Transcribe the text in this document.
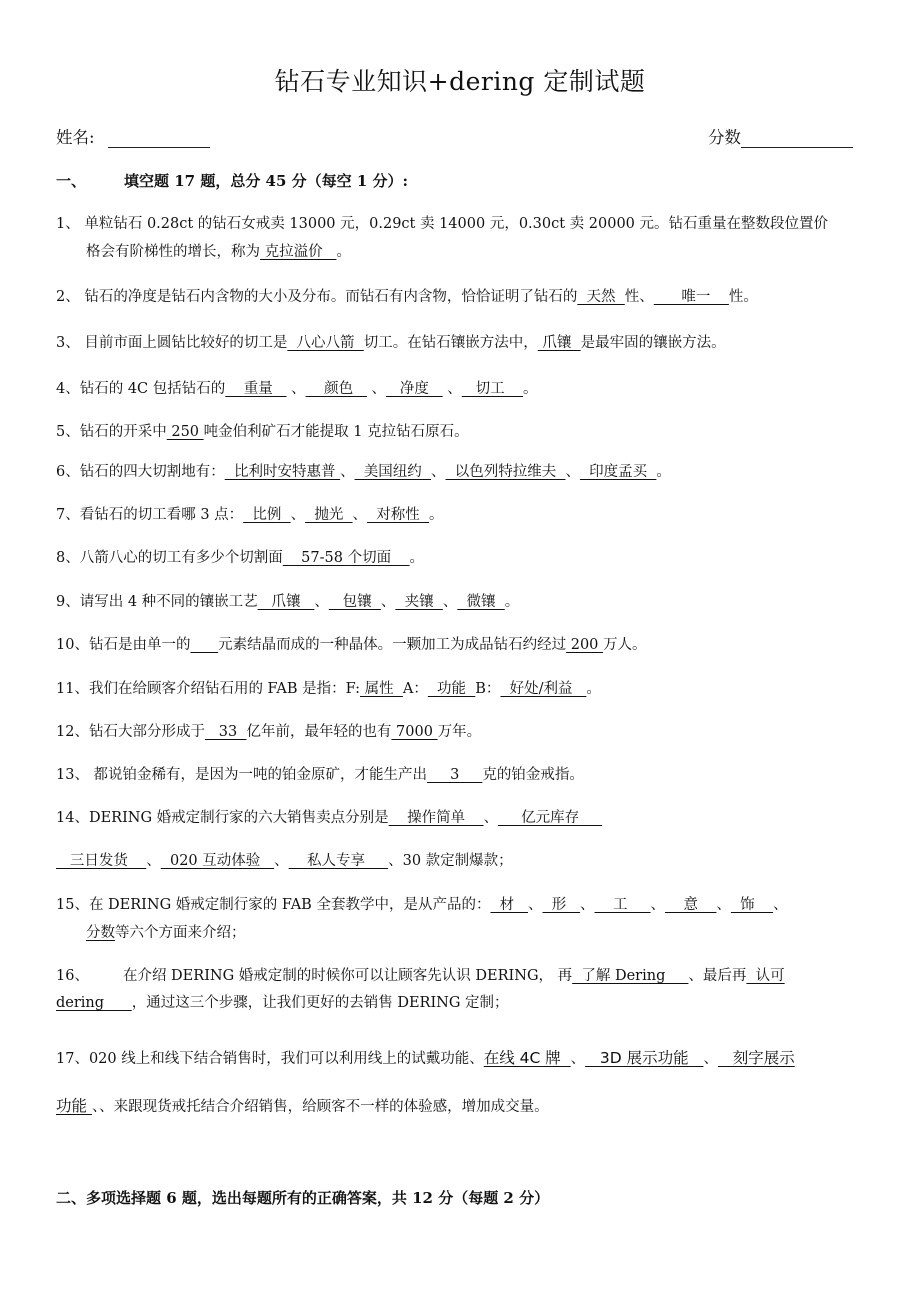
钻石专业知识+dering 定制试题
姓名:	分数
一、	填空题 17 题，总分 45 分（每空 1 分）:
1、 单粒钻石 0.28ct 的钻石女戒卖 13000 元，0.29ct 卖 14000 元，0.30ct 卖 20000 元。钻石重量在整数段位置价
格会有阶梯性的增长，称为 克拉溢价   。
2、 钻石的净度是钻石内含物的大小及分布。而钻石有内含物，恰恰证明了钻石的  天然  性、      唯一    性。
3、 目前市面上圆钻比较好的切工是  八心八箭  切工。在钻石镶嵌方法中， 爪镶  是最牢固的镶嵌方法。
4、钻石的 4C 包括钻石的    重量    、    颜色    、   净度    、   切工    。
5、钻石的开采中 250 吨金伯利矿石才能提取 1 克拉钻石原石。
6、钻石的四大切割地有：  比利时安特惠普 、  美国纽约  、  以色列特拉维夫  、  印度孟买  。
7、看钻石的切工看哪 3 点：  比例  、  抛光  、  对称性  。
8、八箭八心的切工有多少个切割面    57-58 个切面    。
9、请写出 4 种不同的镶嵌工艺   爪镶   、   包镶  、  夹镶  、  微镶  。
10、钻石是由单一的 元素结晶而成的一种晶体。一颗加工为成品钻石约经过 200 万人。
11、我们在给顾客介绍钻石用的 FAB 是指：F: 属性  A：  功能  B：  好处/利益   。
12、钻石大部分形成于   33  亿年前，最年轻的也有 7000 万年。
13、 都说铂金稀有，是因为一吨的铂金原矿，才能生产出     3     克的铂金戒指。
14、DERING 婚戒定制行家的六大销售卖点分别是    操作简单    、     亿元库存
三日发货    、  020 互动体验   、    私人专享     、30 款定制爆款；
15、在 DERING 婚戒定制行家的 FAB 全套教学中，是从产品的：  材   、  形   、    工     、    意    、  饰    、
分数等六个方面来介绍；
16、 在介绍 DERING 婚戒定制的时候你可以让顾客先认识 DERING， 再  了解 Dering     、最后再  认可
dering      ，通过这三个步骤，让我们更好的去销售 DERING 定制；
17、020 线上和线下结合销售时，我们可以利用线上的试戴功能、在线 4C 牌  、   3D 展示功能   、   刻字展示
功能 、、来跟现货戒托结合介绍销售，给顾客不一样的体验感，增加成交量。
二、多项选择题 6 题，选出每题所有的正确答案，共 12 分（每题 2 分）
